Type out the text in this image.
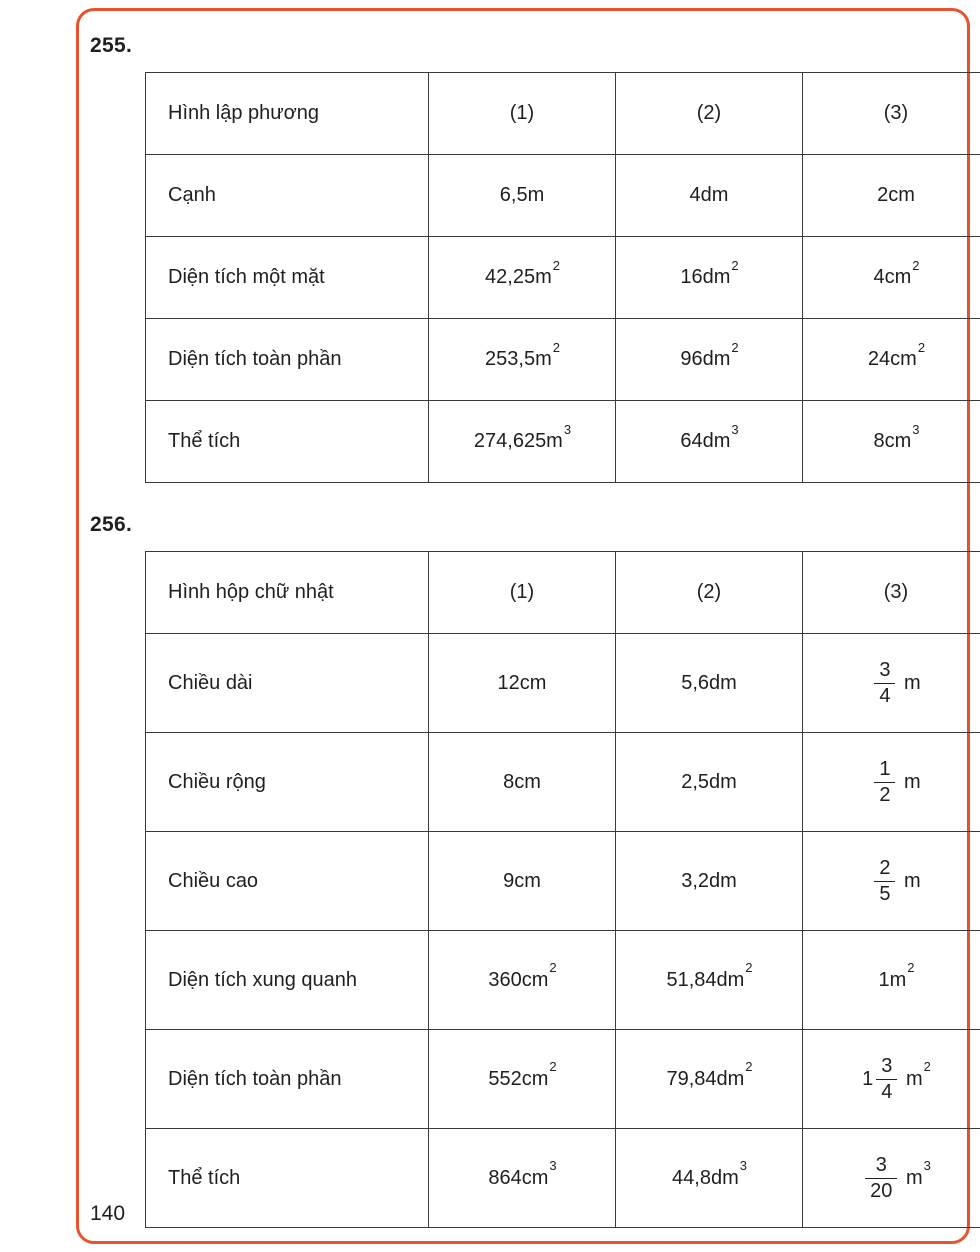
255.
Hình lập phương	(1)	(2)	(3)
Cạnh	6,5m	4dm	2cm
Diện tích một mặt	$42,25m^2$	$16dm^2$	$4cm^2$
Diện tích toàn phần	$253,5m^2$	$96dm^2$	$24cm^2$
Thể tích	$274,625m^3$	$64dm^3$	$8cm^3$
256.
Hình hộp chữ nhật	(1)	(2)	(3)
Chiều dài	12cm	5,6dm	$\frac{3}{4}$ m
Chiều rộng	8cm	2,5dm	$\frac{1}{2}$ m
Chiều cao	9cm	3,2dm	$\frac{2}{5}$ m
Diện tích xung quanh	$360cm^2$	$51,84dm^2$	$1m^2$
Diện tích toàn phần	$552cm^2$	$79,84dm^2$	$1 \frac{3}{4} m^2$
Thể tích	$864cm^3$	$44,8dm^3$	$\frac{3}{20} m^3$
140
